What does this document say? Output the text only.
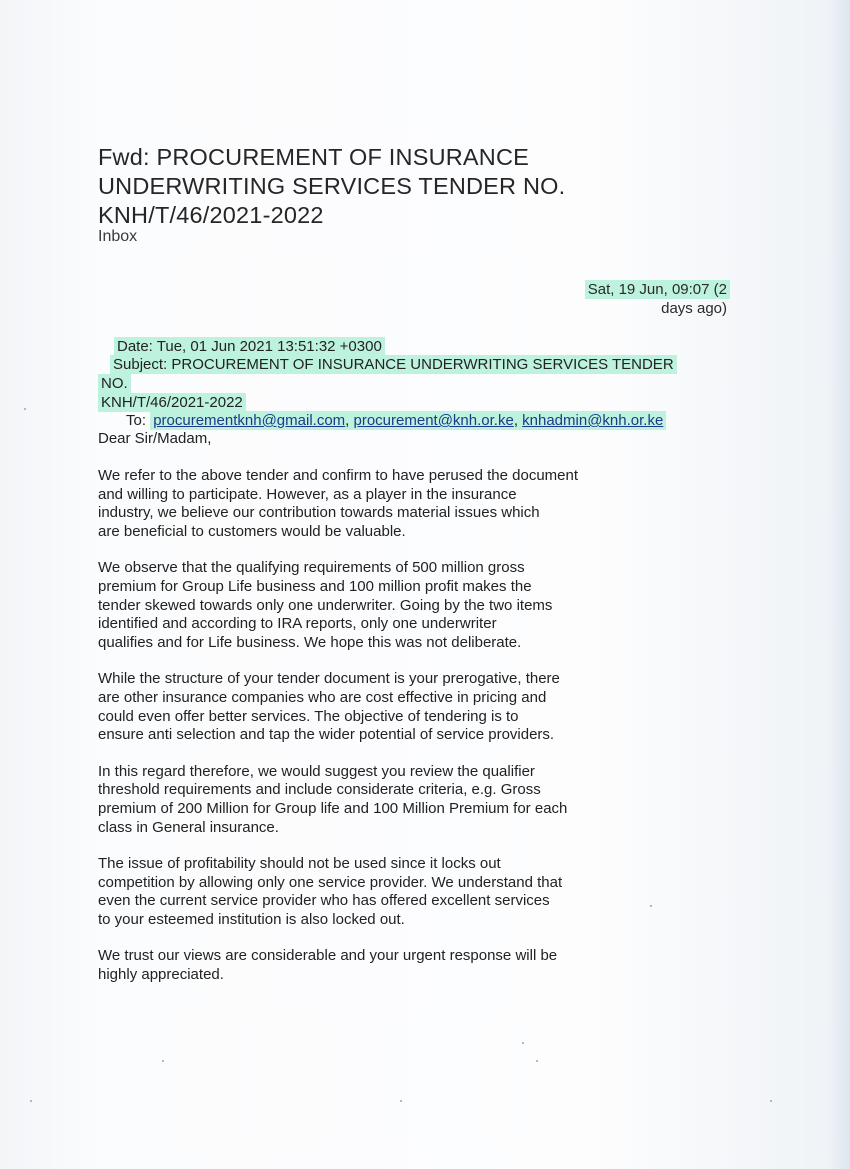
Fwd: PROCUREMENT OF INSURANCE
UNDERWRITING SERVICES TENDER NO.
KNH/T/46/2021-2022
Inbox
Sat, 19 Jun, 09:07 (2
days ago)
Date: Tue, 01 Jun 2021 13:51:32 +0300
Subject: PROCUREMENT OF INSURANCE UNDERWRITING SERVICES TENDER
NO.
KNH/T/46/2021-2022
To: procurementknh@gmail.com, procurement@knh.or.ke, knhadmin@knh.or.ke
Dear Sir/Madam,

We refer to the above tender and confirm to have perused the document
and willing to participate. However, as a player in the insurance
industry, we believe our contribution towards material issues which
are beneficial to customers would be valuable.

We observe that the qualifying requirements of 500 million gross
premium for Group Life business and 100 million profit makes the
tender skewed towards only one underwriter. Going by the two items
identified and according to IRA reports, only one underwriter
qualifies and for Life business. We hope this was not deliberate.

While the structure of your tender document is your prerogative, there
are other insurance companies who are cost effective in pricing and
could even offer better services. The objective of tendering is to
ensure anti selection and tap the wider potential of service providers.

In this regard therefore, we would suggest you review the qualifier
threshold requirements and include considerate criteria, e.g. Gross
premium of 200 Million for Group life and 100 Million Premium for each
class in General insurance.

The issue of profitability should not be used since it locks out
competition by allowing only one service provider. We understand that
even the current service provider who has offered excellent services
to your esteemed institution is also locked out.

We trust our views are considerable and your urgent response will be
highly appreciated.
